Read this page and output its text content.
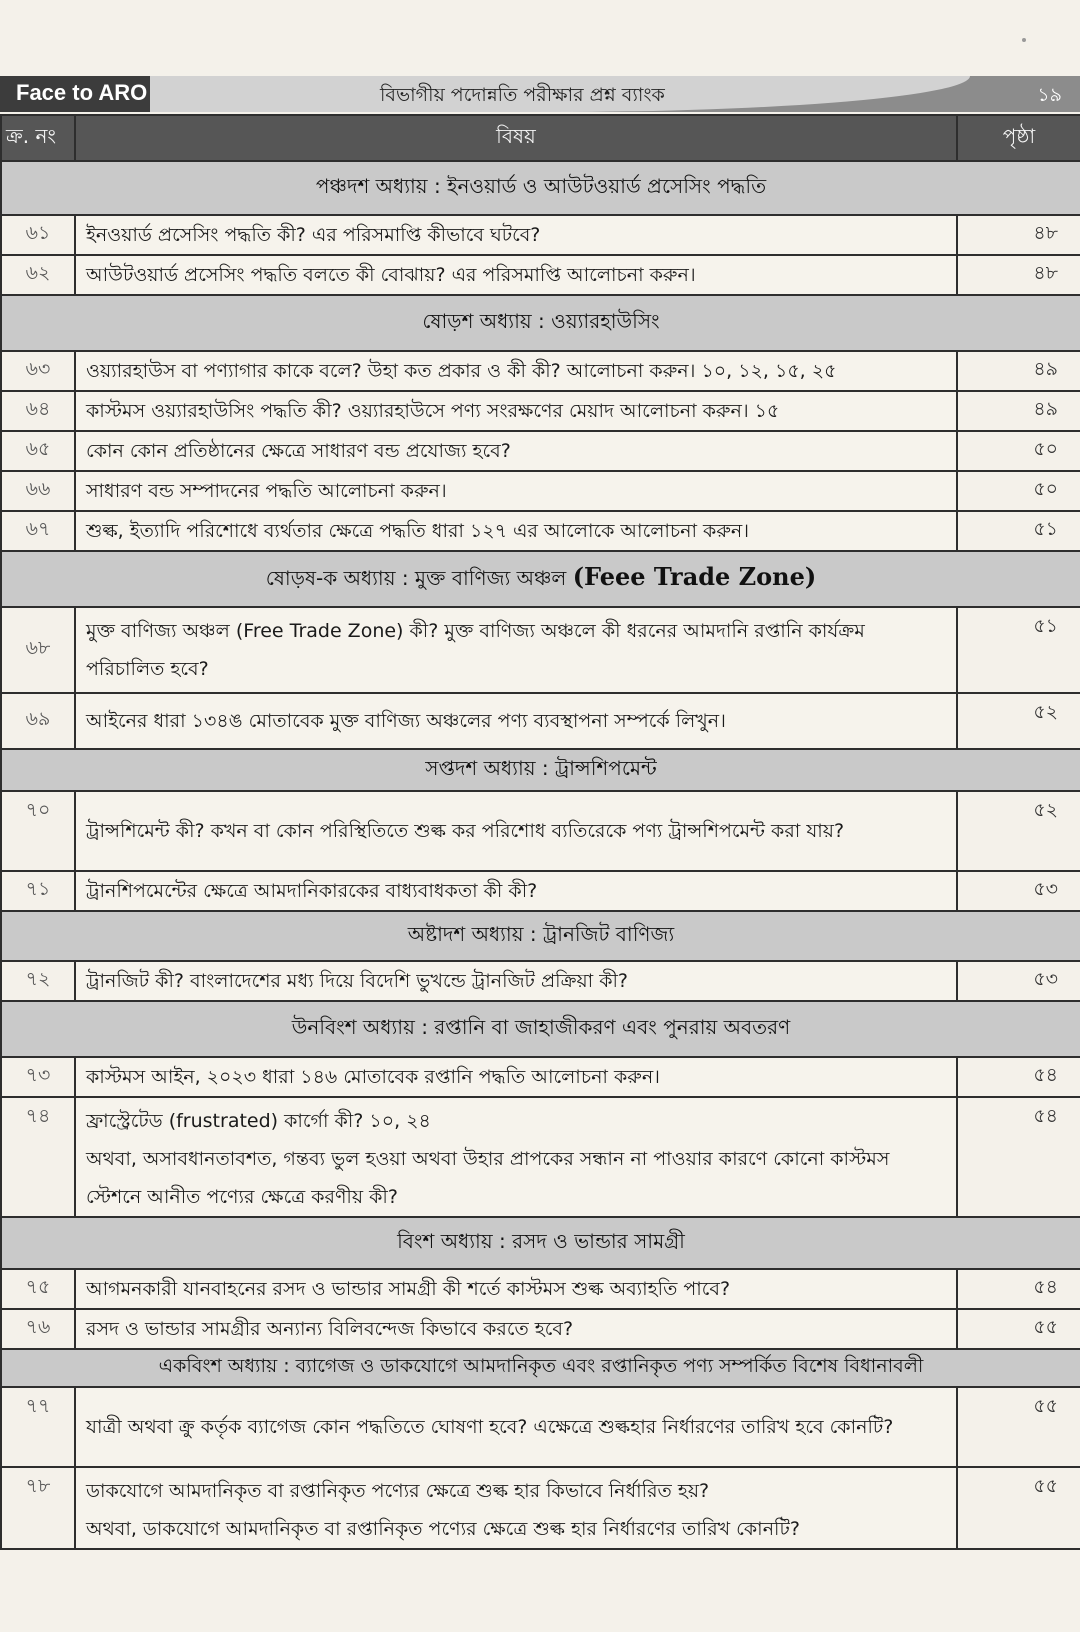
Face to ARO	বিভাগীয় পদোন্নতি পরীক্ষার প্রশ্ন ব্যাংক	১৯
ক্র. নং	বিষয়	পৃষ্ঠা
পঞ্চদশ অধ্যায় : ইনওয়ার্ড ও আউটওয়ার্ড প্রসেসিং পদ্ধতি		
৬১	ইনওয়ার্ড প্রসেসিং পদ্ধতি কী? এর পরিসমাপ্তি কীভাবে ঘটবে?	৪৮
৬২	আউটওয়ার্ড প্রসেসিং পদ্ধতি বলতে কী বোঝায়? এর পরিসমাপ্তি আলোচনা করুন।	৪৮
ষোড়শ অধ্যায় : ওয়্যারহাউসিং		
৬৩	ওয়্যারহাউস বা পণ্যাগার কাকে বলে? উহা কত প্রকার ও কী কী? আলোচনা করুন। ১০, ১২, ১৫, ২৫	৪৯
৬৪	কাস্টমস ওয়্যারহাউসিং পদ্ধতি কী? ওয়্যারহাউসে পণ্য সংরক্ষণের মেয়াদ আলোচনা করুন। ১৫	৪৯
৬৫	কোন কোন প্রতিষ্ঠানের ক্ষেত্রে সাধারণ বন্ড প্রযোজ্য হবে?	৫০
৬৬	সাধারণ বন্ড সম্পাদনের পদ্ধতি আলোচনা করুন।	৫০
৬৭	শুল্ক, ইত্যাদি পরিশোধে ব্যর্থতার ক্ষেত্রে পদ্ধতি ধারা ১২৭ এর আলোকে আলোচনা করুন।	৫১
ষোড়ষ-ক অধ্যায় : মুক্ত বাণিজ্য অঞ্চল (Feee Trade Zone)		
৬৮	মুক্ত বাণিজ্য অঞ্চল (Free Trade Zone) কী? মুক্ত বাণিজ্য অঞ্চলে কী ধরনের আমদানি রপ্তানি কার্যক্রম পরিচালিত হবে?	৫১
৬৯	আইনের ধারা ১৩৪ঙ মোতাবেক মুক্ত বাণিজ্য অঞ্চলের পণ্য ব্যবস্থাপনা সম্পর্কে লিখুন।	৫২
সপ্তদশ অধ্যায় : ট্রান্সশিপমেন্ট		
৭০	ট্রান্সশিমেন্ট কী? কখন বা কোন পরিস্থিতিতে শুল্ক কর পরিশোধ ব্যতিরেকে পণ্য ট্রান্সশিপমেন্ট করা যায়?	৫২
৭১	ট্রানশিপমেন্টের ক্ষেত্রে আমদানিকারকের বাধ্যবাধকতা কী কী?	৫৩
অষ্টাদশ অধ্যায় : ট্রানজিট বাণিজ্য		
৭২	ট্রানজিট কী? বাংলাদেশের মধ্য দিয়ে বিদেশি ভুখন্ডে ট্রানজিট প্রক্রিয়া কী?	৫৩
উনবিংশ অধ্যায় : রপ্তানি বা জাহাজীকরণ এবং পুনরায় অবতরণ		
৭৩	কাস্টমস আইন, ২০২৩ ধারা ১৪৬ মোতাবেক রপ্তানি পদ্ধতি আলোচনা করুন।	৫৪
৭৪	ফ্রাস্ট্রেটেড (frustrated) কার্গো কী? ১০, ২৪
অথবা, অসাবধানতাবশত, গন্তব্য ভুল হওয়া অথবা উহার প্রাপকের সন্ধান না পাওয়ার কারণে কোনো কাস্টমস স্টেশনে আনীত পণ্যের ক্ষেত্রে করণীয় কী?	৫৪
বিংশ অধ্যায় : রসদ ও ভান্ডার সামগ্রী		
৭৫	আগমনকারী যানবাহনের রসদ ও ভান্ডার সামগ্রী কী শর্তে কাস্টমস শুল্ক অব্যাহতি পাবে?	৫৪
৭৬	রসদ ও ভান্ডার সামগ্রীর অন্যান্য বিলিবন্দেজ কিভাবে করতে হবে?	৫৫
একবিংশ অধ্যায় : ব্যাগেজ ও ডাকযোগে আমদানিকৃত এবং রপ্তানিকৃত পণ্য সম্পর্কিত বিশেষ বিধানাবলী		
৭৭	যাত্রী অথবা ক্রু কর্তৃক ব্যাগেজ কোন পদ্ধতিতে ঘোষণা হবে? এক্ষেত্রে শুল্কহার নির্ধারণের তারিখ হবে কোনটি?	৫৫
৭৮	ডাকযোগে আমদানিকৃত বা রপ্তানিকৃত পণ্যের ক্ষেত্রে শুল্ক হার কিভাবে নির্ধারিত হয়?
অথবা, ডাকযোগে আমদানিকৃত বা রপ্তানিকৃত পণ্যের ক্ষেত্রে শুল্ক হার নির্ধারণের তারিখ কোনটি?	৫৫
